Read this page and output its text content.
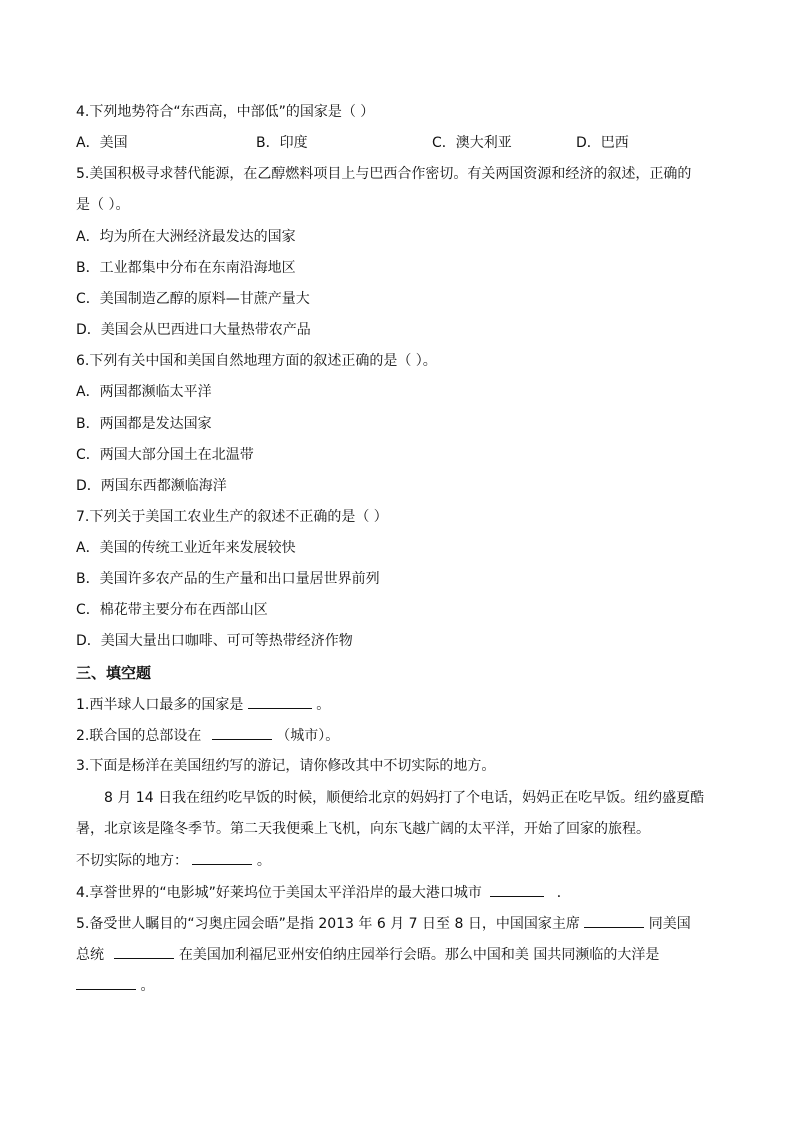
4.下列地势符合“东西高，中部低”的国家是（ ）
A．美国	B．印度	C．澳大利亚	D．巴西
5.美国积极寻求替代能源，在乙醇燃料项目上与巴西合作密切。有关两国资源和经济的叙述，正确的
是（ ）。
A．均为所在大洲经济最发达的国家
B．工业都集中分布在东南沿海地区
C．美国制造乙醇的原料—甘蔗产量大
D．美国会从巴西进口大量热带农产品
6.下列有关中国和美国自然地理方面的叙述正确的是（ ）。
A．两国都濒临太平洋
B．两国都是发达国家
C．两国大部分国土在北温带
D．两国东西都濒临海洋
7.下列关于美国工农业生产的叙述不正确的是（ ）
A．美国的传统工业近年来发展较快
B．美国许多农产品的生产量和出口量居世界前列
C．棉花带主要分布在西部山区
D．美国大量出口咖啡、可可等热带经济作物
三、填空题
1.西半球人口最多的国家是	。
2.联合国的总部设在	（城市）。
3.下面是杨洋在美国纽约写的游记，请你修改其中不切实际的地方。
8 月 14 日我在纽约吃早饭的时候，顺便给北京的妈妈打了个电话，妈妈正在吃早饭。纽约盛夏酷
暑，北京该是隆冬季节。第二天我便乘上飞机，向东飞越广阔的太平洋，开始了回家的旅程。
不切实际的地方：	。
4.享誉世界的“电影城”好莱坞位于美国太平洋沿岸的最大港口城市	．
5.备受世人瞩目的“习奥庄园会晤”是指 2013 年 6 月 7 日至 8 日，中国国家主席	同美国
总统	在美国加利福尼亚州安伯纳庄园举行会晤。那么中国和美 国共同濒临的大洋是
。
